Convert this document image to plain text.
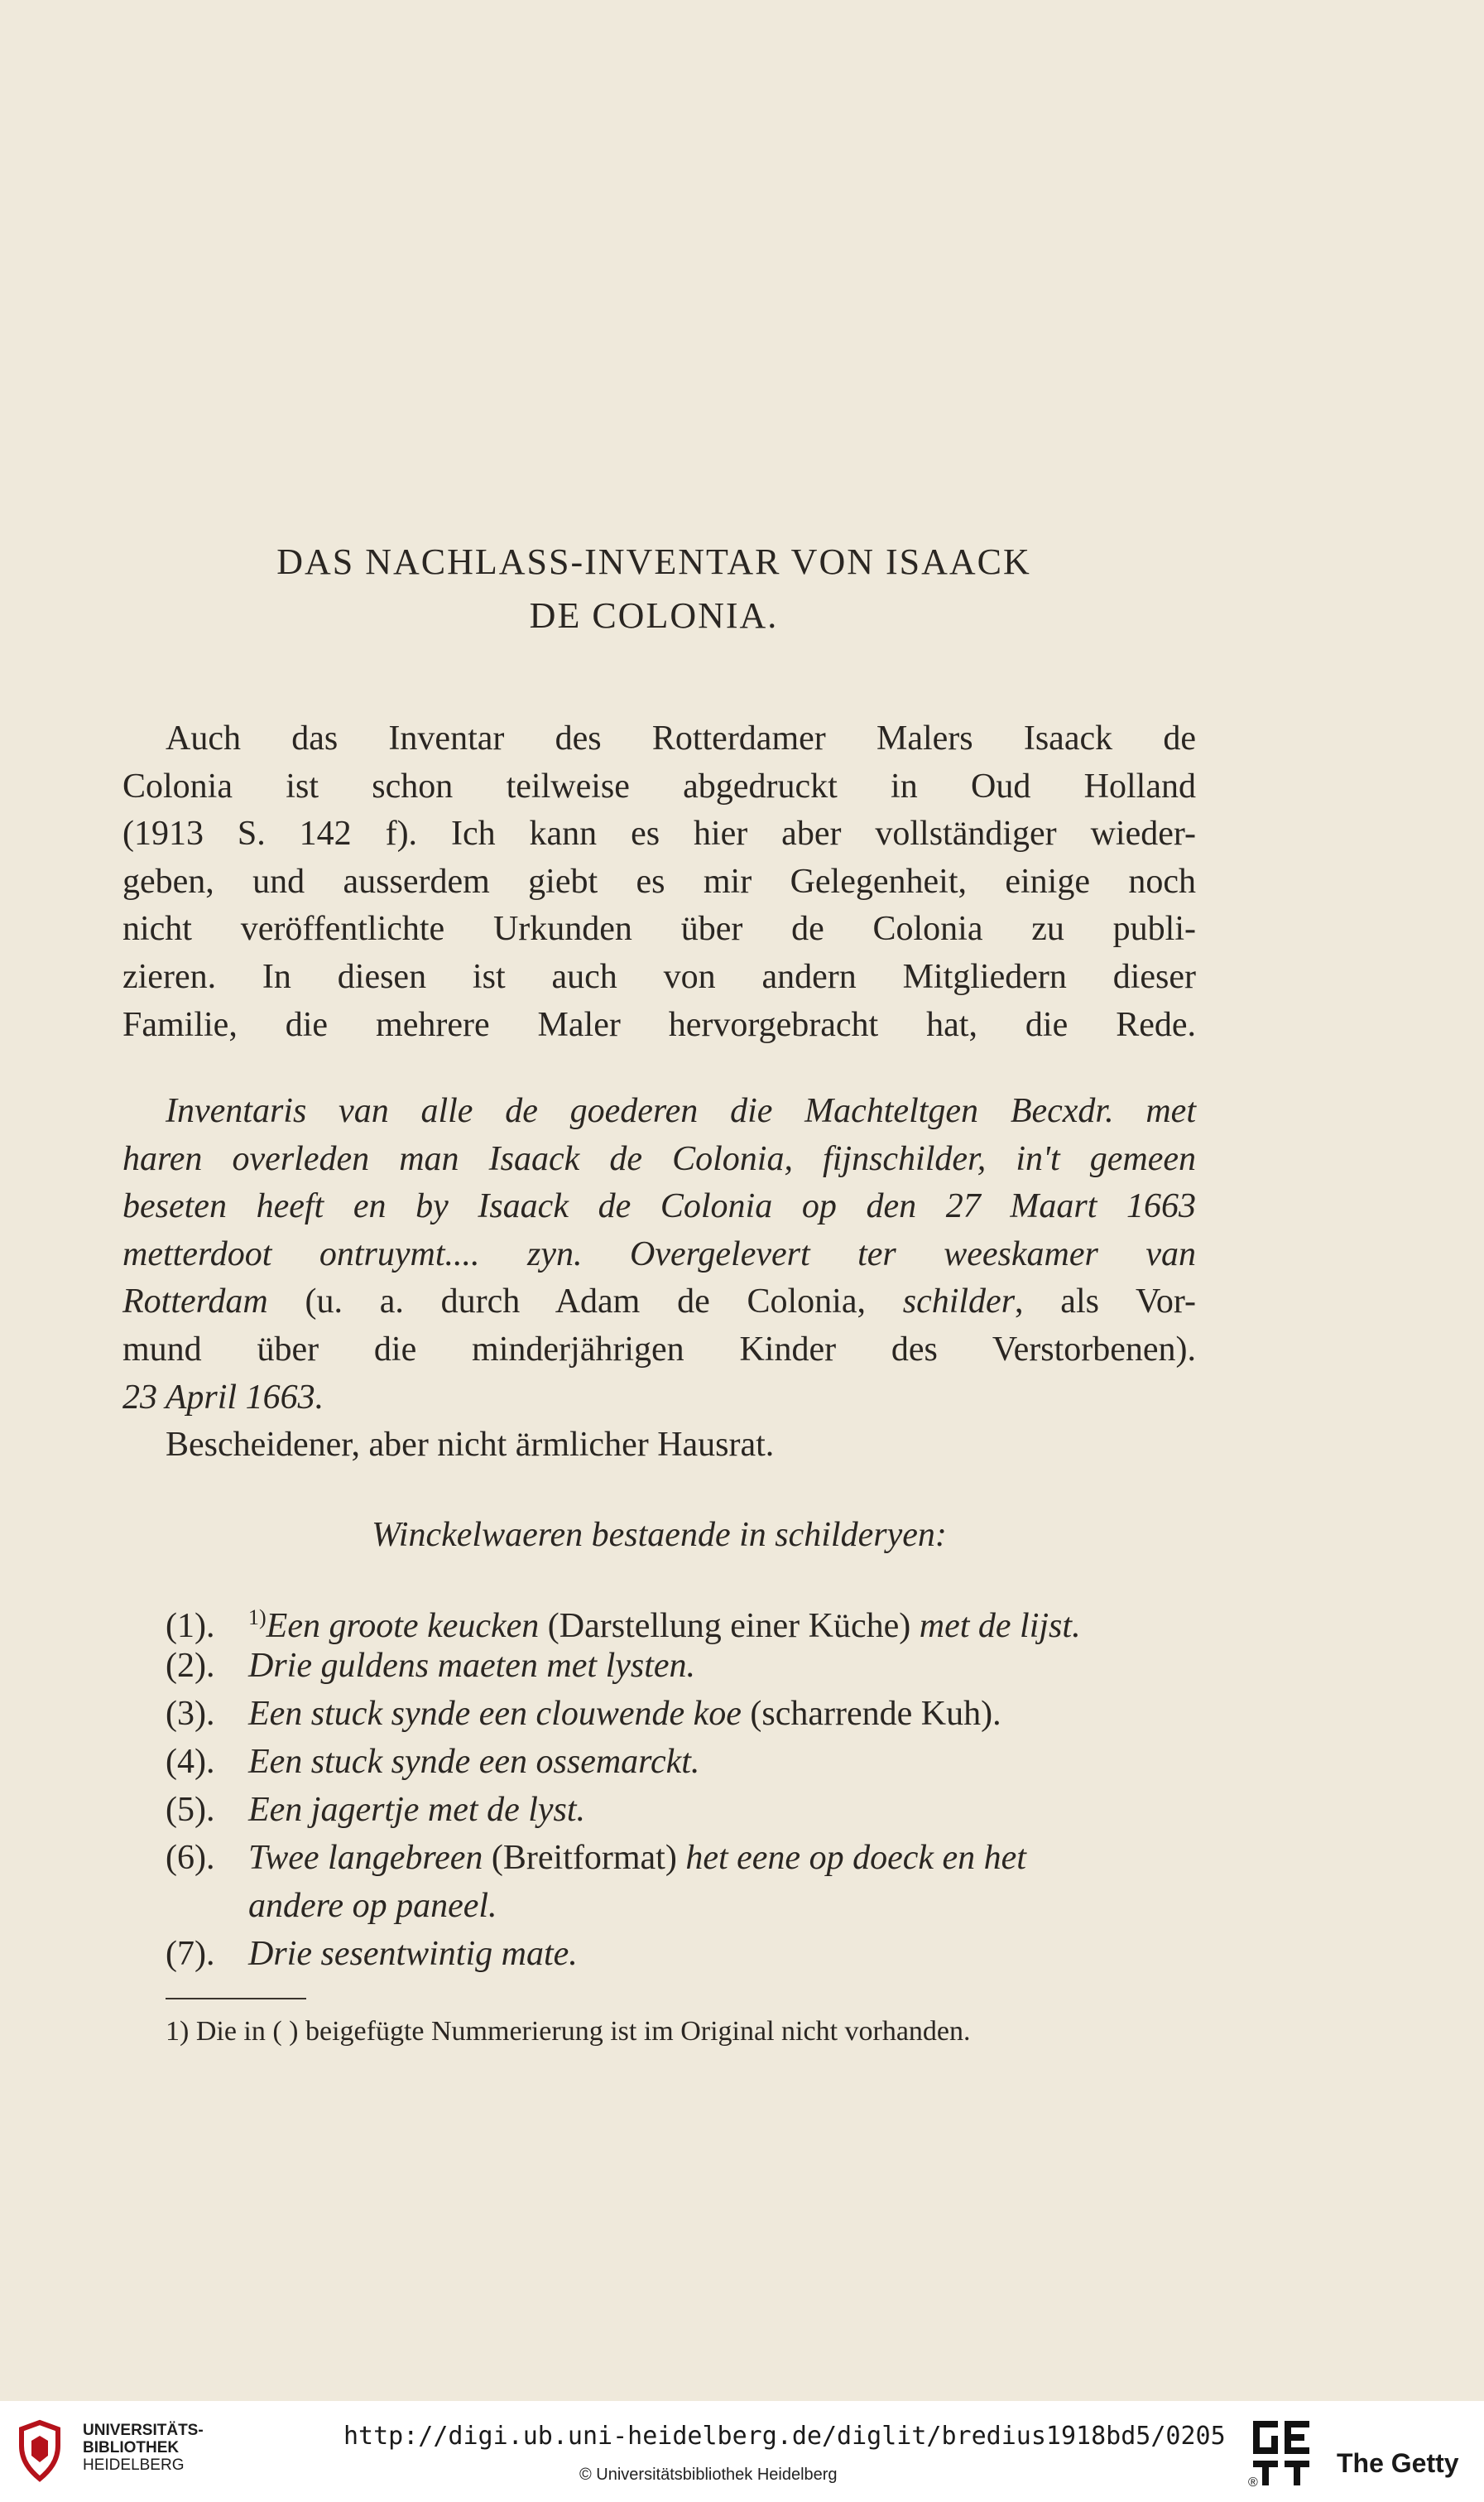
DAS NACHLASS-INVENTAR VON ISAACK
DE COLONIA.
Auch das Inventar des Rotterdamer Malers Isaack de
Colonia ist schon teilweise abgedruckt in Oud Holland
(1913 S. 142 f). Ich kann es hier aber vollständiger wieder-
geben, und ausserdem giebt es mir Gelegenheit, einige noch
nicht veröffentlichte Urkunden über de Colonia zu publi-
zieren. In diesen ist auch von andern Mitgliedern dieser
Familie, die mehrere Maler hervorgebracht hat, die Rede.
Inventaris van alle de goederen die Machteltgen Becxdr. met
haren overleden man Isaack de Colonia, fijnschilder, in't gemeen
beseten heeft en by Isaack de Colonia op den 27 Maart 1663
metterdoot ontruymt.... zyn. Overgelevert ter weeskamer van
Rotterdam (u. a. durch Adam de Colonia, schilder, als Vor-
mund über die minderjährigen Kinder des Verstorbenen).
23 April 1663.
Bescheidener, aber nicht ärmlicher Hausrat.
Winckelwaeren bestaende in schilderyen:
(1). $^{1)}$Een groote keucken (Darstellung einer Küche) met de lijst.
(2). Drie guldens maeten met lysten.
(3). Een stuck synde een clouwende koe (scharrende Kuh).
(4). Een stuck synde een ossemarckt.
(5). Een jagertje met de lyst.
(6). Twee langebreen (Breitformat) het eene op doeck en het
andere op paneel.
(7). Drie sesentwintig mate.
1) Die in ( ) beigefügte Nummerierung ist im Original nicht vorhanden.
UNIVERSITÄTS-
BIBLIOTHEK
HEIDELBERG
http://digi.ub.uni-heidelberg.de/diglit/bredius1918bd5/0205
© Universitätsbibliothek Heidelberg	®
The Getty
